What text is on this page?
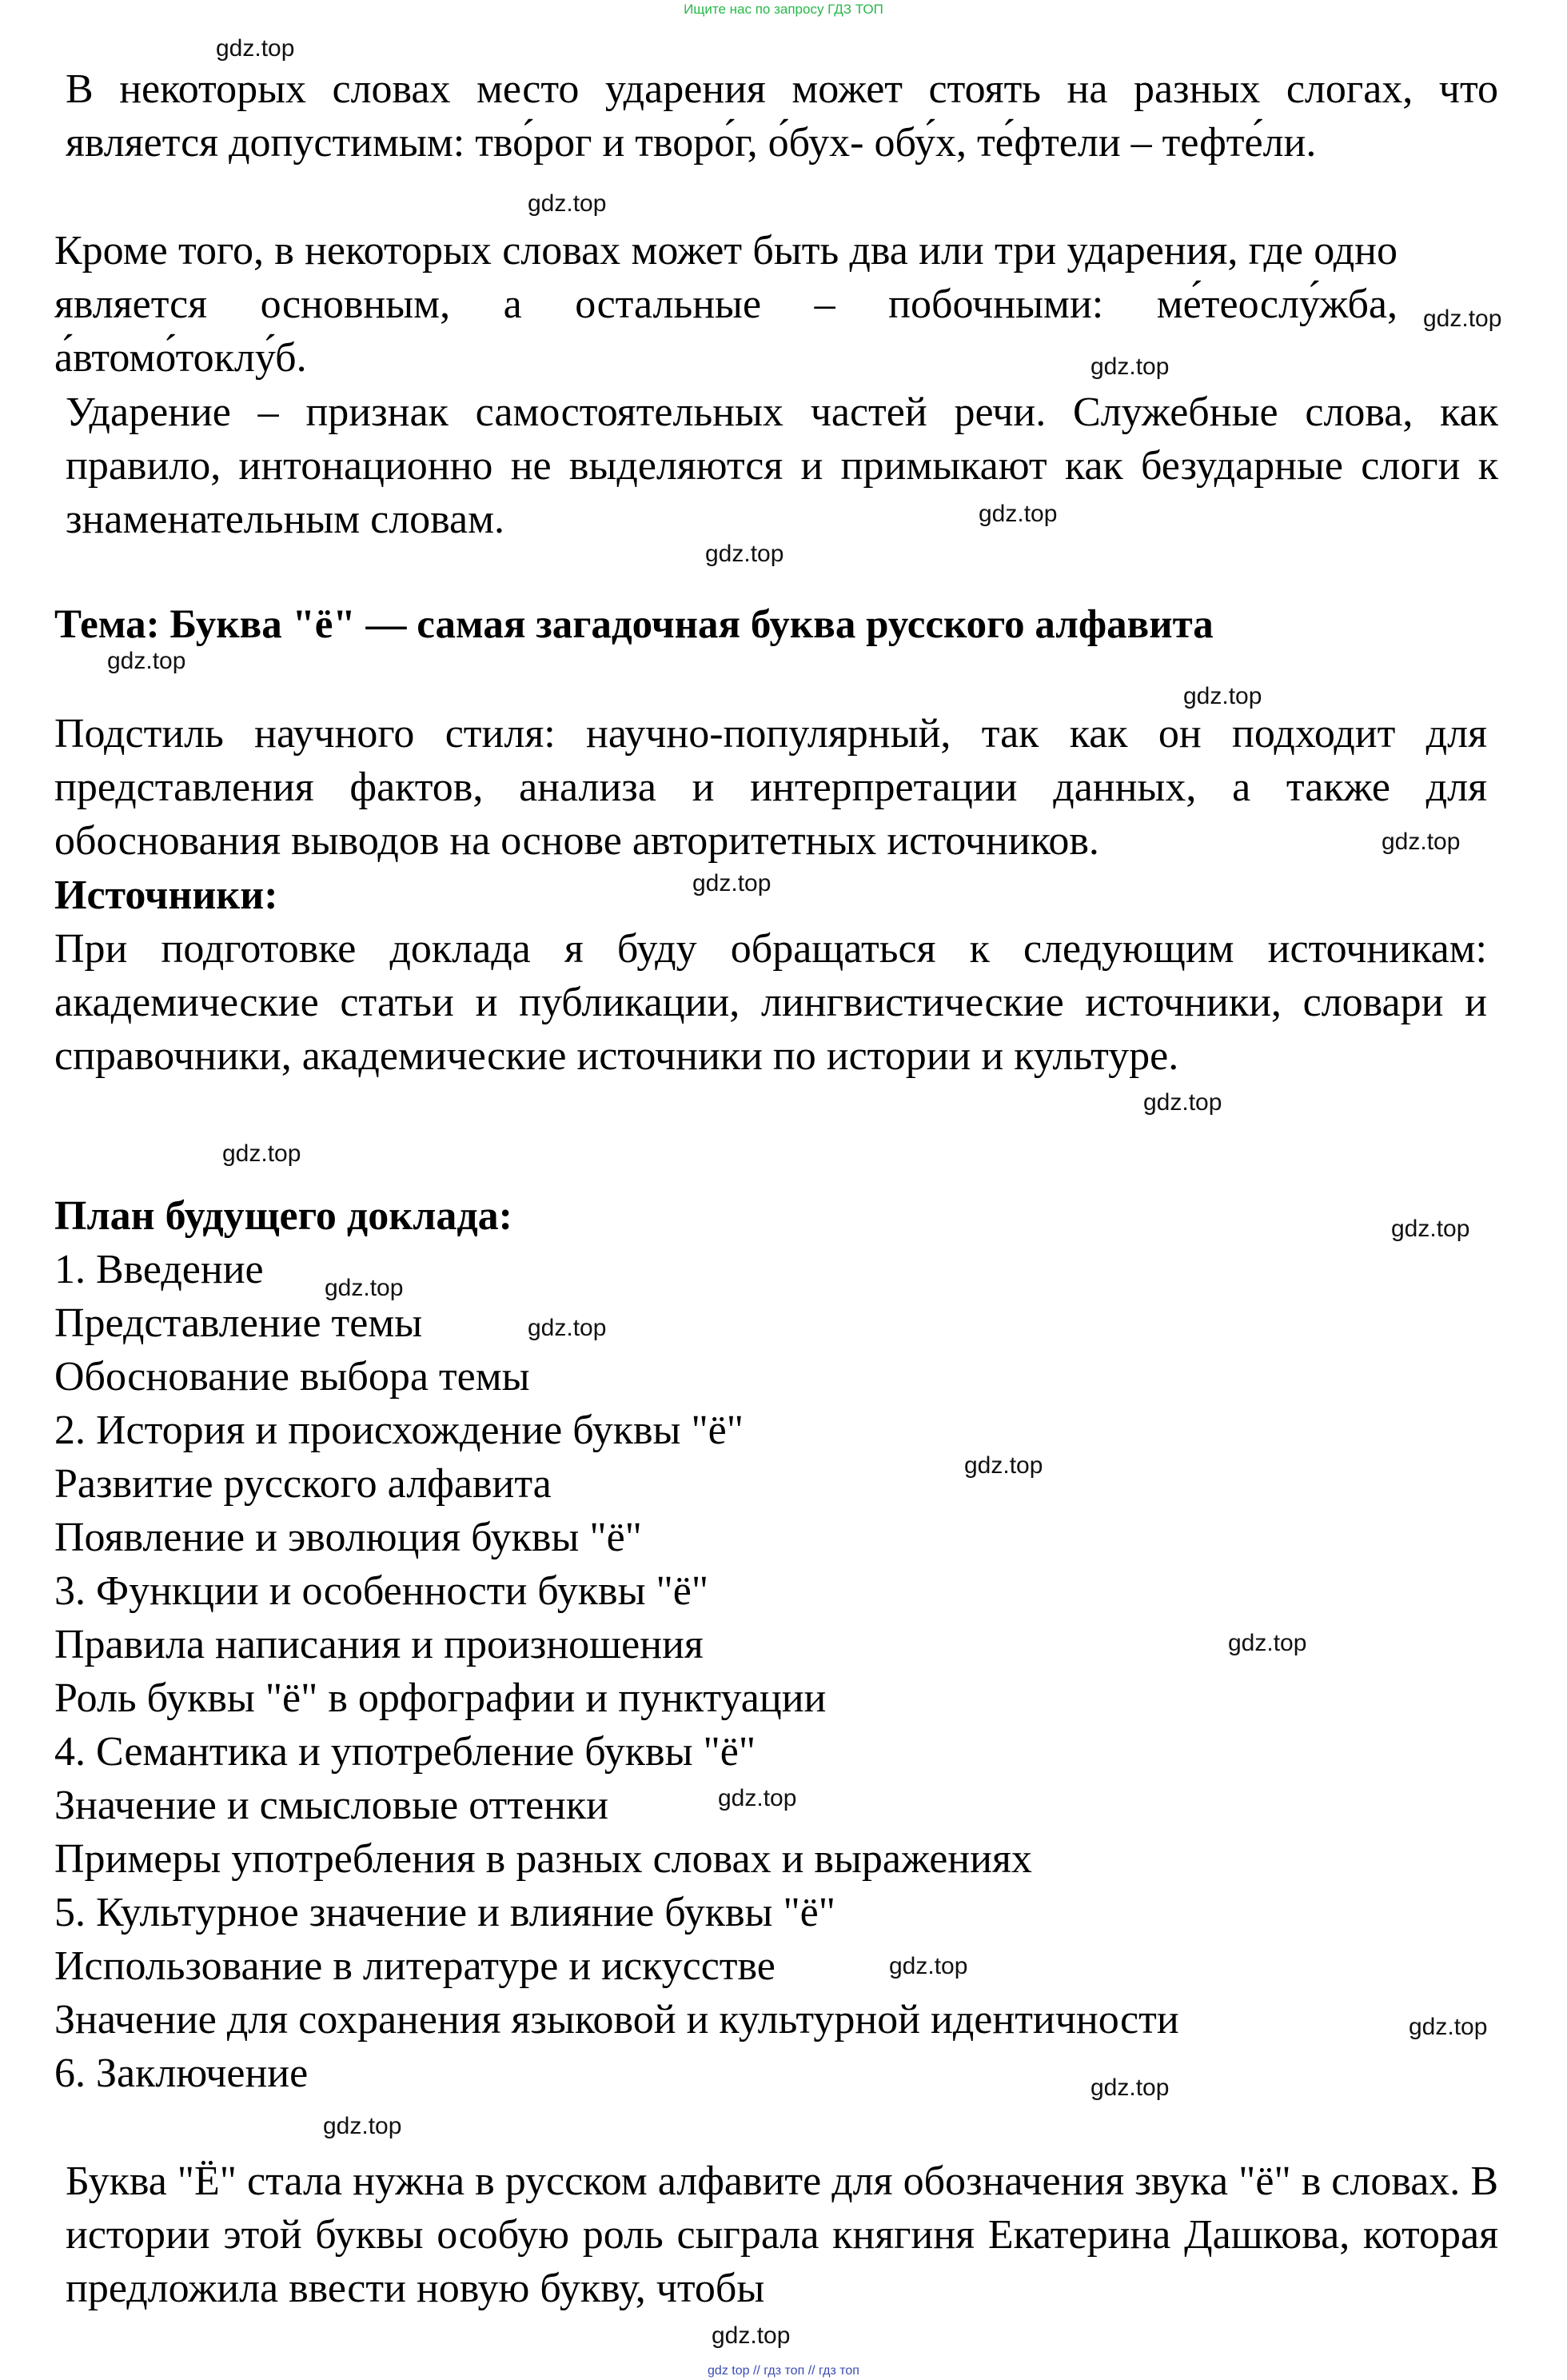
Ищите нас по запросу ГДЗ ТОП
В некоторых словах место ударения может стоять на разных слогах, что является допустимым: тво́рог и творо́г, о́бух- обу́х, те́фтели – тефте́ли.
Кроме того, в некоторых словах может быть два или три ударения, где одно является основным, а остальные – побочными: ме́теослу́жба, а́втомо́токлу́б.
Ударение – признак самостоятельных частей речи. Служебные слова, как правило, интонационно не выделяются и примыкают как безударные слоги к знаменательным словам.
Тема: Буква "ё" — самая загадочная буква русского алфавита
Подстиль научного стиля: научно-популярный, так как он подходит для представления фактов, анализа и интерпретации данных, а также для обоснования выводов на основе авторитетных источников.
Источники:
При подготовке доклада я буду обращаться к следующим источникам: академические статьи и публикации, лингвистические источники, словари и справочники, академические источники по истории и культуре.
План будущего доклада:
1. Введение
Представление темы
Обоснование выбора темы
2. История и происхождение буквы "ё"
Развитие русского алфавита
Появление и эволюция буквы "ё"
3. Функции и особенности буквы "ё"
Правила написания и произношения
Роль буквы "ё" в орфографии и пунктуации
4. Семантика и употребление буквы "ё"
Значение и смысловые оттенки
Примеры употребления в разных словах и выражениях
5. Культурное значение и влияние буквы "ё"
Использование в литературе и искусстве
Значение для сохранения языковой и культурной идентичности
6. Заключение
Буква "Ё" стала нужна в русском алфавите для обозначения звука "ё" в словах. В истории этой буквы особую роль сыграла княгиня Екатерина Дашкова, которая предложила ввести новую букву, чтобы
gdz.top
gdz.top
gdz.top
gdz.top
gdz.top
gdz.top
gdz.top
gdz.top
gdz.top
gdz.top
gdz.top
gdz.top
gdz.top
gdz.top
gdz.top
gdz.top
gdz.top
gdz.top
gdz.top
gdz.top
gdz.top
gdz.top
gdz.top
gdz top // гдз топ // гдз топ
